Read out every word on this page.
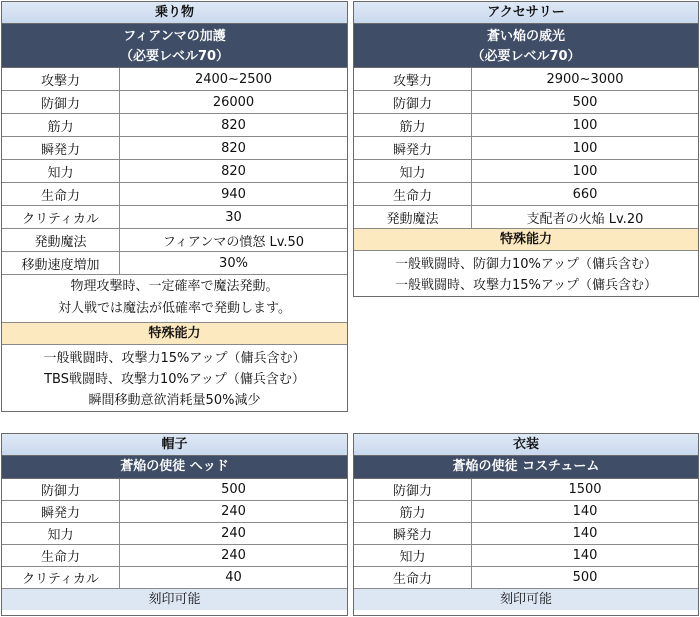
乗り物
フィアンマの加護
（必要レベル70）
攻撃力	2400~2500
防御力	26000
筋力	820
瞬発力	820
知力	820
生命力	940
クリティカル	30
発動魔法	フィアンマの憤怒 Lv.50
移動速度増加	30%
物理攻撃時、一定確率で魔法発動。
対人戦では魔法が低確率で発動します。
特殊能力
一般戦闘時、攻撃力15%アップ（傭兵含む）
TBS戦闘時、攻撃力10%アップ（傭兵含む）
瞬間移動意欲消耗量50%減少
アクセサリー
蒼い焔の威光
（必要レベル70）
攻撃力	2900~3000
防御力	500
筋力	100
瞬発力	100
知力	100
生命力	660
発動魔法	支配者の火焔 Lv.20
特殊能力
一般戦闘時、防御力10%アップ（傭兵含む）
一般戦闘時、攻撃力15%アップ（傭兵含む）
帽子
蒼焔の使徒 ヘッド
防御力	500
瞬発力	240
知力	240
生命力	240
クリティカル	40
刻印可能
衣装
蒼焔の使徒 コスチューム
防御力	1500
筋力	140
瞬発力	140
知力	140
生命力	500
刻印可能
